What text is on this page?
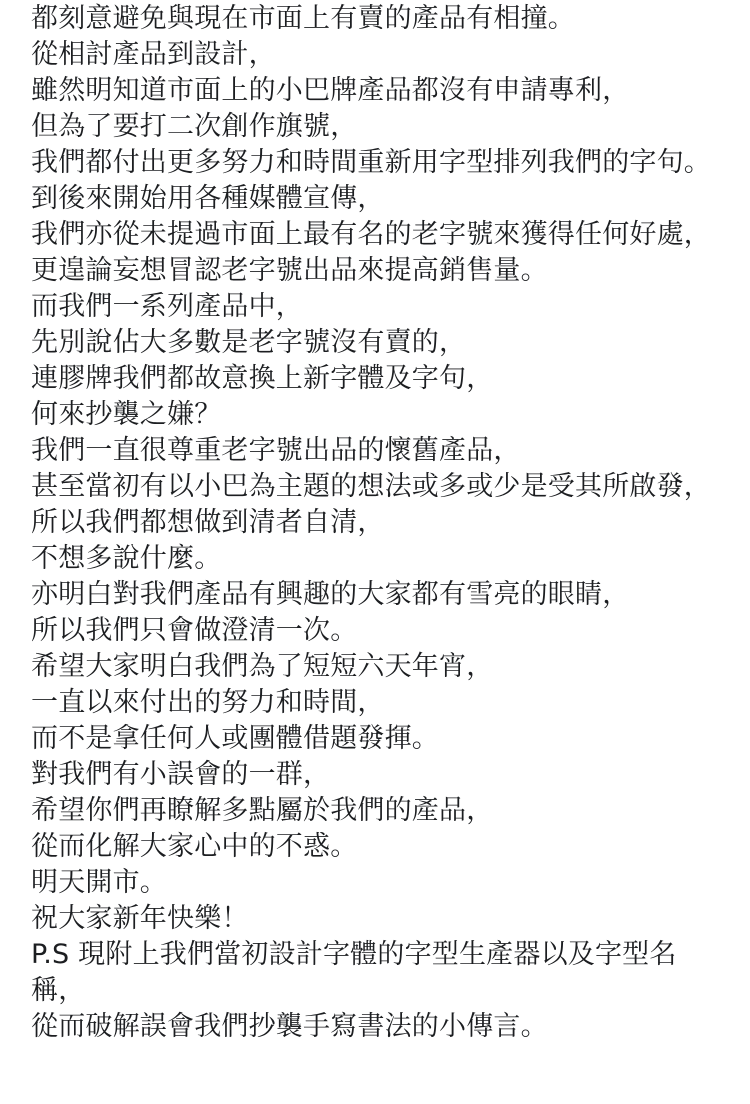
都刻意避免與現在市面上有賣的產品有相撞。
從相討產品到設計，
雖然明知道市面上的小巴牌產品都沒有申請專利，
但為了要打二次創作旗號，
我們都付出更多努力和時間重新用字型排列我們的字句。
到後來開始用各種媒體宣傳，
我們亦從未提過市面上最有名的老字號來獲得任何好處，
更遑論妄想冒認老字號出品來提高銷售量。
而我們一系列產品中，
先別說佔大多數是老字號沒有賣的，
連膠牌我們都故意換上新字體及字句，
何來抄襲之嫌？
我們一直很尊重老字號出品的懷舊產品，
甚至當初有以小巴為主題的想法或多或少是受其所啟發，
所以我們都想做到清者自清，
不想多說什麼。
亦明白對我們產品有興趣的大家都有雪亮的眼睛，
所以我們只會做澄清一次。
希望大家明白我們為了短短六天年宵，
一直以來付出的努力和時間，
而不是拿任何人或團體借題發揮。
對我們有小誤會的一群，
希望你們再瞭解多點屬於我們的產品，
從而化解大家心中的不惑。
明天開市。
祝大家新年快樂！
P.S 現附上我們當初設計字體的字型生產器以及字型名稱，
從而破解誤會我們抄襲手寫書法的小傳言。
